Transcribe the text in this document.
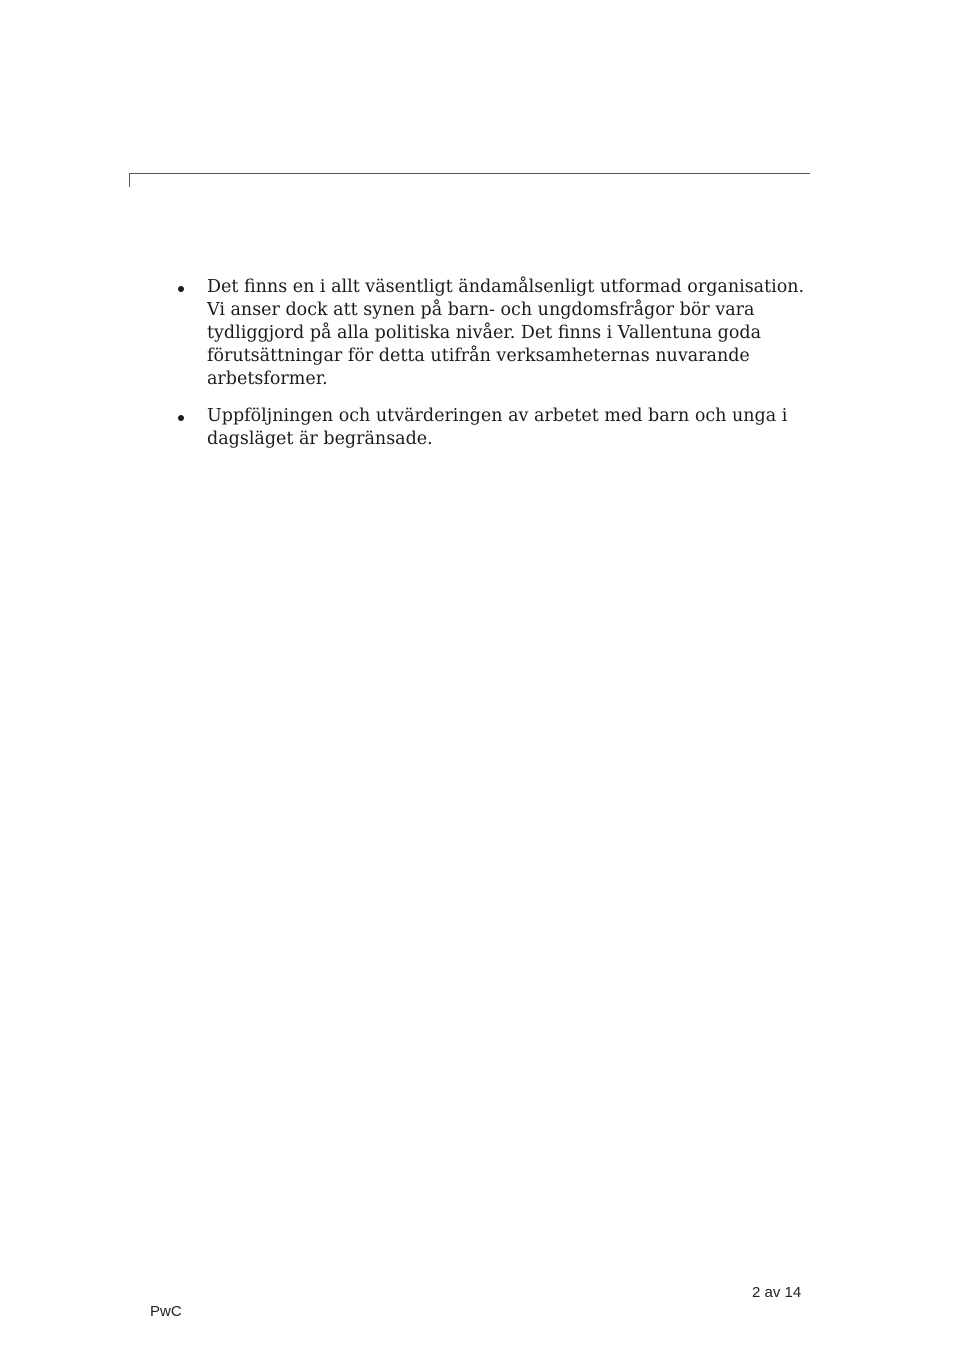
Det finns en i allt väsentligt ändamålsenligt utformad organisation. Vi anser dock att synen på barn- och ungdomsfrågor bör vara tydliggjord på alla politiska nivåer. Det finns i Vallentuna goda förutsättningar för detta utifrån verksamheternas nuvarande arbetsformer.
Uppföljningen och utvärderingen av arbetet med barn och unga i dagsläget är begränsade.
PwC
2 av 14
